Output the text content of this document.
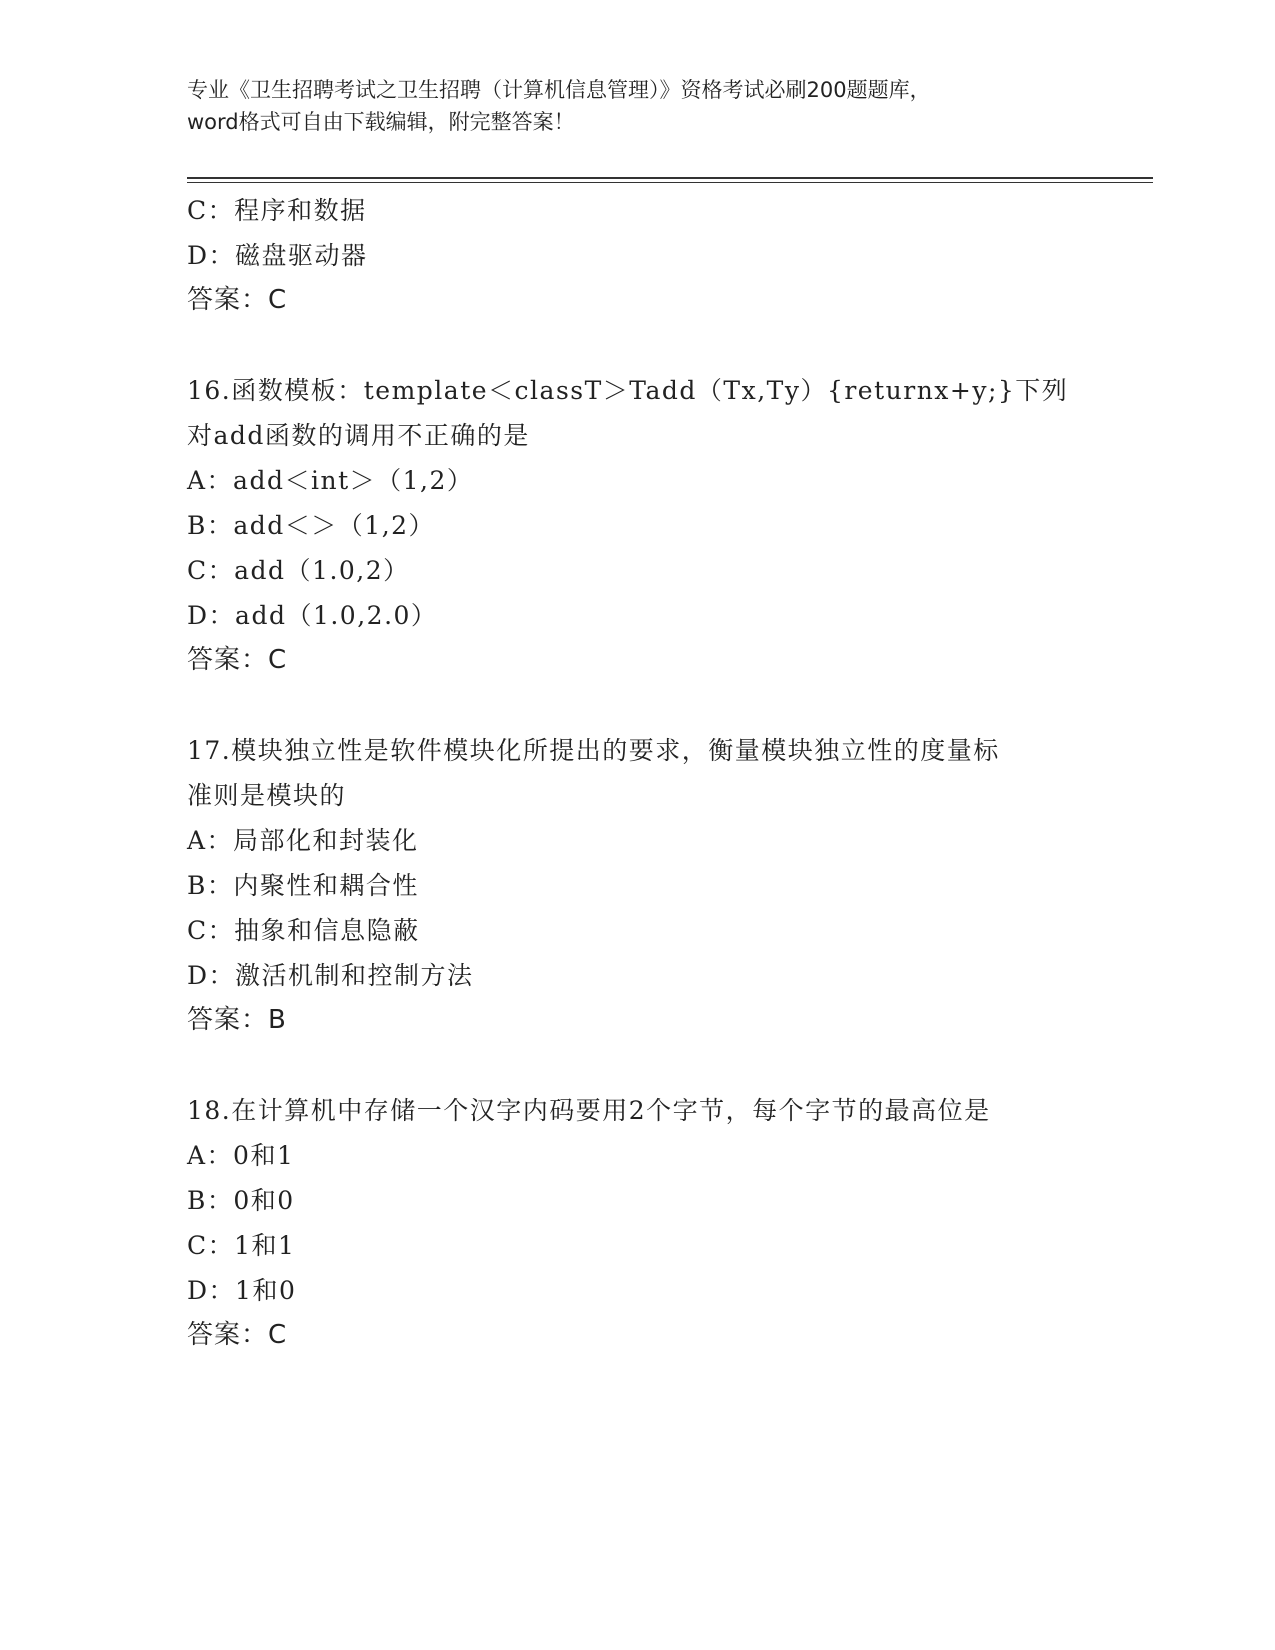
专业《卫生招聘考试之卫生招聘（计算机信息管理）》资格考试必刷200题题库，
word格式可自由下载编辑，附完整答案！
C：程序和数据
D：磁盘驱动器
答案：C
16.函数模板：template＜classT＞Tadd（Tx,Ty）{returnx+y;}下列
对add函数的调用不正确的是
A：add＜int＞（1,2）
B：add＜＞（1,2）
C：add（1.0,2）
D：add（1.0,2.0）
答案：C
17.模块独立性是软件模块化所提出的要求，衡量模块独立性的度量标
准则是模块的
A：局部化和封装化
B：内聚性和耦合性
C：抽象和信息隐蔽
D：激活机制和控制方法
答案：B
18.在计算机中存储一个汉字内码要用2个字节，每个字节的最高位是
A：0和1
B：0和0
C：1和1
D：1和0
答案：C
